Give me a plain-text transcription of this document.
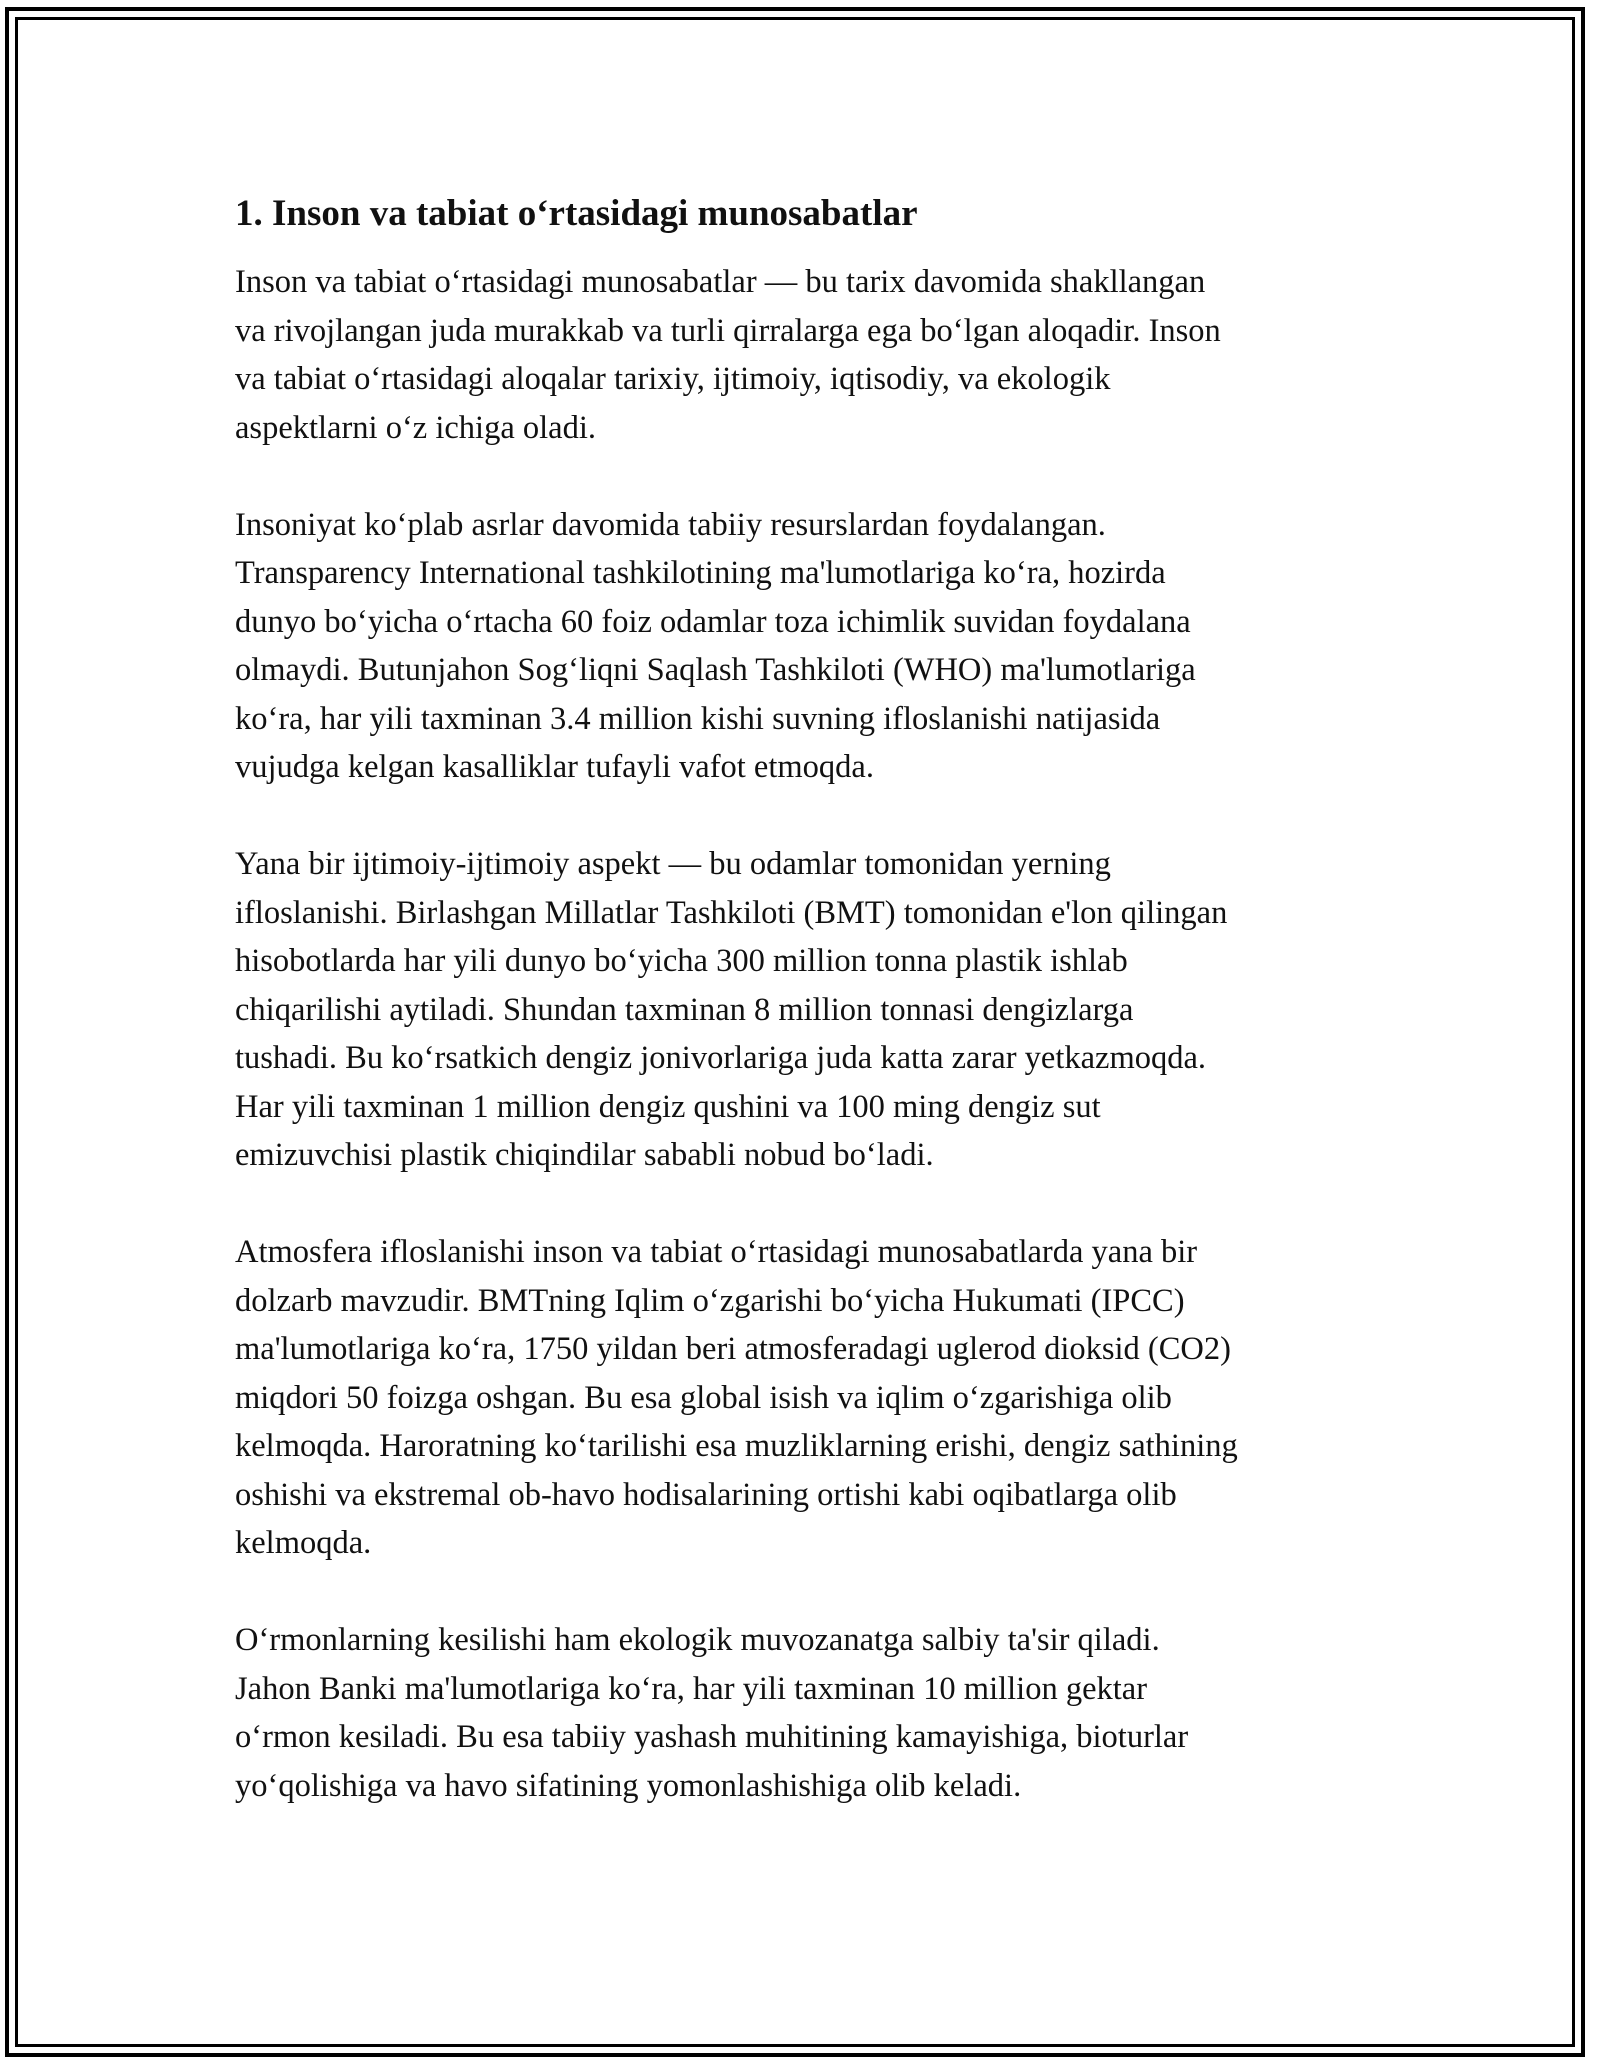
1. Inson va tabiat o‘rtasidagi munosabatlar

Inson va tabiat o‘rtasidagi munosabatlar — bu tarix davomida shakllangan
va rivojlangan juda murakkab va turli qirralarga ega bo‘lgan aloqadir. Inson
va tabiat o‘rtasidagi aloqalar tarixiy, ijtimoiy, iqtisodiy, va ekologik
aspektlarni o‘z ichiga oladi.

Insoniyat ko‘plab asrlar davomida tabiiy resurslardan foydalangan.
Transparency International tashkilotining ma'lumotlariga ko‘ra, hozirda
dunyo bo‘yicha o‘rtacha 60 foiz odamlar toza ichimlik suvidan foydalana
olmaydi. Butunjahon Sog‘liqni Saqlash Tashkiloti (WHO) ma'lumotlariga
ko‘ra, har yili taxminan 3.4 million kishi suvning ifloslanishi natijasida
vujudga kelgan kasalliklar tufayli vafot etmoqda.

Yana bir ijtimoiy-ijtimoiy aspekt — bu odamlar tomonidan yerning
ifloslanishi. Birlashgan Millatlar Tashkiloti (BMT) tomonidan e'lon qilingan
hisobotlarda har yili dunyo bo‘yicha 300 million tonna plastik ishlab
chiqarilishi aytiladi. Shundan taxminan 8 million tonnasi dengizlarga
tushadi. Bu ko‘rsatkich dengiz jonivorlariga juda katta zarar yetkazmoqda.
Har yili taxminan 1 million dengiz qushini va 100 ming dengiz sut
emizuvchisi plastik chiqindilar sababli nobud bo‘ladi.

Atmosfera ifloslanishi inson va tabiat o‘rtasidagi munosabatlarda yana bir
dolzarb mavzudir. BMTning Iqlim o‘zgarishi bo‘yicha Hukumati (IPCC)
ma'lumotlariga ko‘ra, 1750 yildan beri atmosferadagi uglerod dioksid (CO2)
miqdori 50 foizga oshgan. Bu esa global isish va iqlim o‘zgarishiga olib
kelmoqda. Haroratning ko‘tarilishi esa muzliklarning erishi, dengiz sathining
oshishi va ekstremal ob-havo hodisalarining ortishi kabi oqibatlarga olib
kelmoqda.

O‘rmonlarning kesilishi ham ekologik muvozanatga salbiy ta'sir qiladi.
Jahon Banki ma'lumotlariga ko‘ra, har yili taxminan 10 million gektar
o‘rmon kesiladi. Bu esa tabiiy yashash muhitining kamayishiga, bioturlar
yo‘qolishiga va havo sifatining yomonlashishiga olib keladi.
